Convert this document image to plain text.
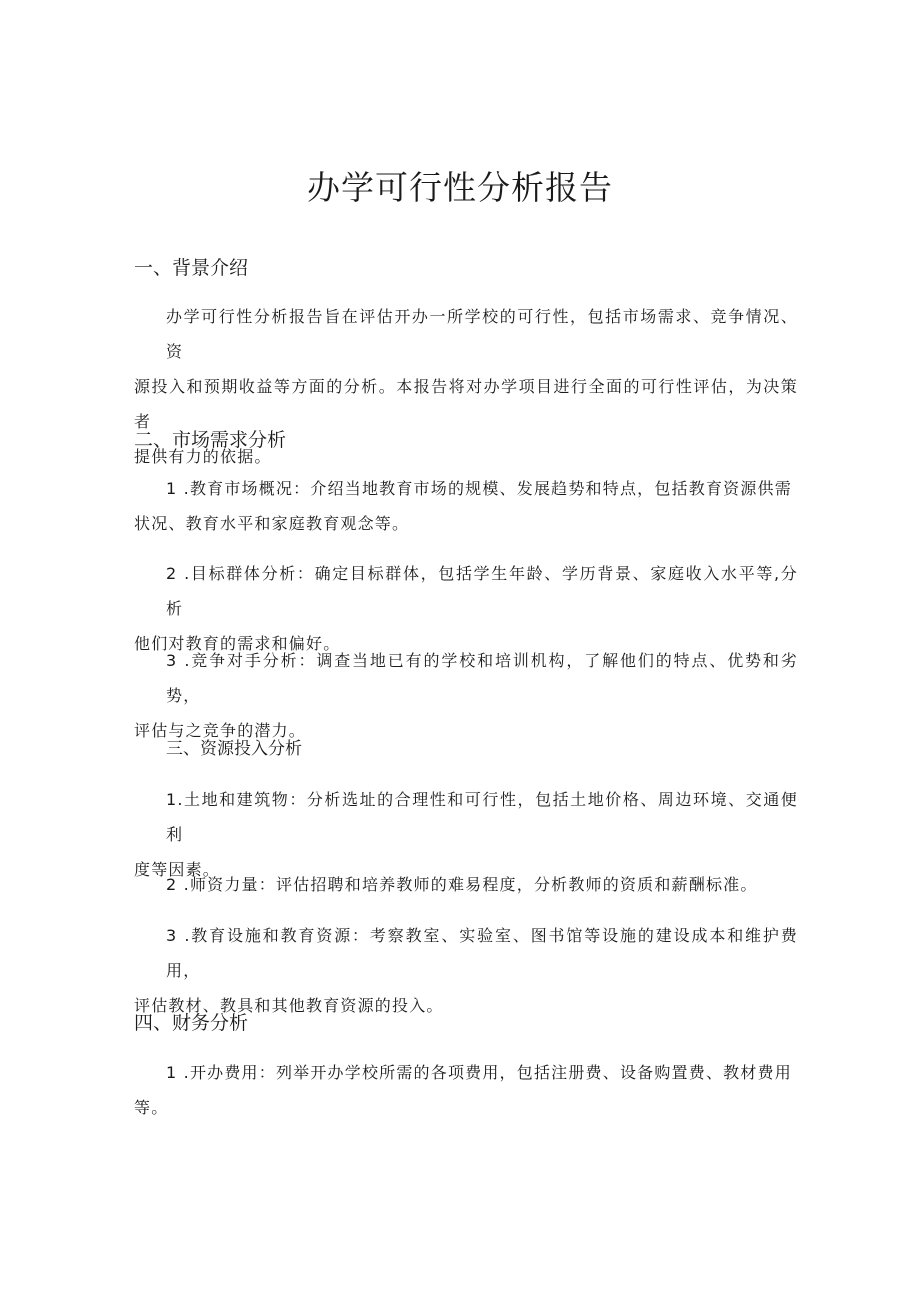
办学可行性分析报告
一、背景介绍
办学可行性分析报告旨在评估开办一所学校的可行性，包括市场需求、竞争情况、资
源投入和预期收益等方面的分析。本报告将对办学项目进行全面的可行性评估，为决策者
提供有力的依据。
二、市场需求分析
1 .教育市场概况：介绍当地教育市场的规模、发展趋势和特点，包括教育资源供需
状况、教育水平和家庭教育观念等。
2 .目标群体分析：确定目标群体，包括学生年龄、学历背景、家庭收入水平等,分析
他们对教育的需求和偏好。
3 .竞争对手分析：调查当地已有的学校和培训机构，了解他们的特点、优势和劣势，
评估与之竞争的潜力。
三、资源投入分析
1.土地和建筑物：分析选址的合理性和可行性，包括土地价格、周边环境、交通便利
度等因素。
2 .师资力量：评估招聘和培养教师的难易程度，分析教师的资质和薪酬标准。
3 .教育设施和教育资源：考察教室、实验室、图书馆等设施的建设成本和维护费用，
评估教材、教具和其他教育资源的投入。
四、财务分析
1 .开办费用：列举开办学校所需的各项费用，包括注册费、设备购置费、教材费用
等。
